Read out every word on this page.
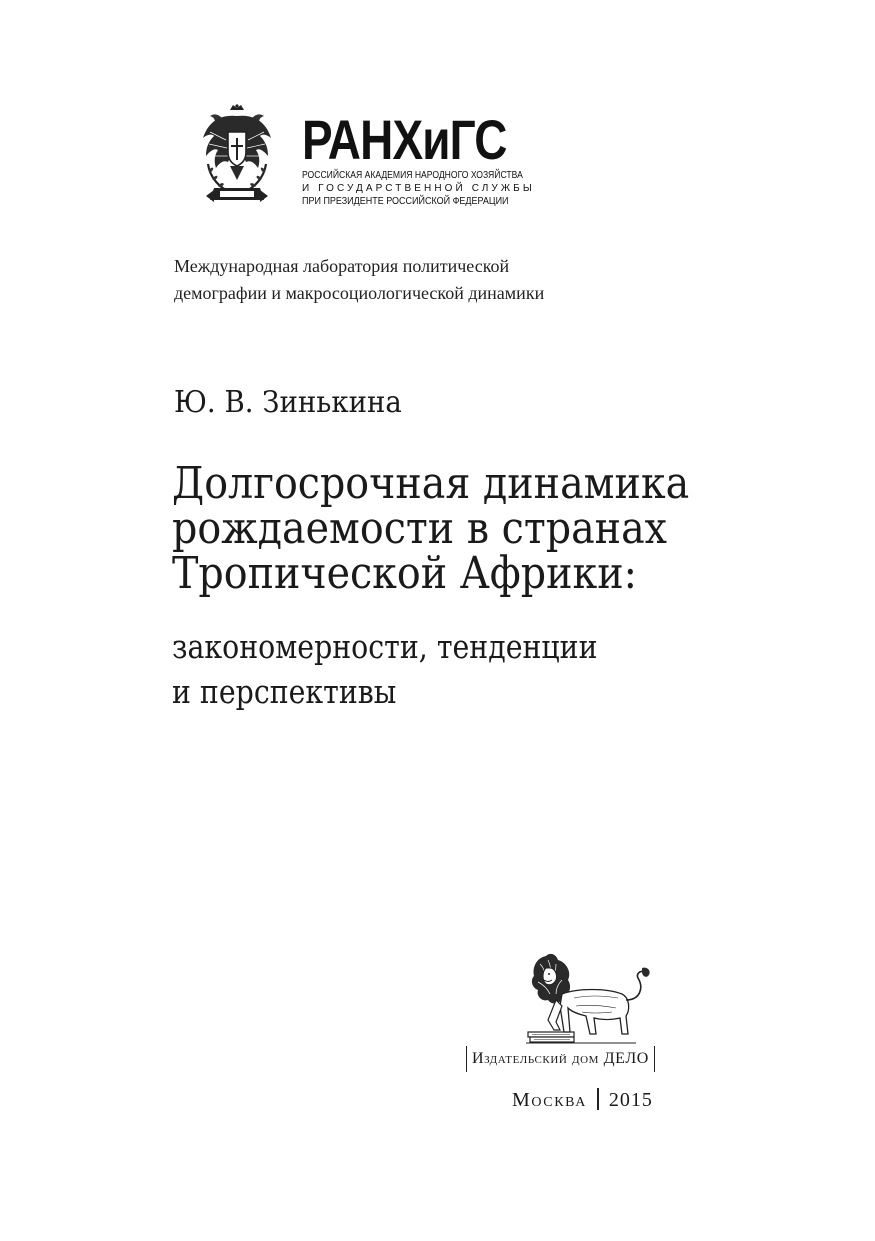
РАНХиГС
РОССИЙСКАЯ АКАДЕМИЯ НАРОДНОГО ХОЗЯЙСТВА
И ГОСУДАРСТВЕННОЙ СЛУЖБЫ
ПРИ ПРЕЗИДЕНТЕ РОССИЙСКОЙ ФЕДЕРАЦИИ
Международная лаборатория политической
демографии и макросоциологической динамики
Ю. В. Зинькина
Долгосрочная динамика
рождаемости в странах
Тропической Африки:
закономерности, тенденции
и перспективы
Издательский дом ДЕЛО
Москва 2015
